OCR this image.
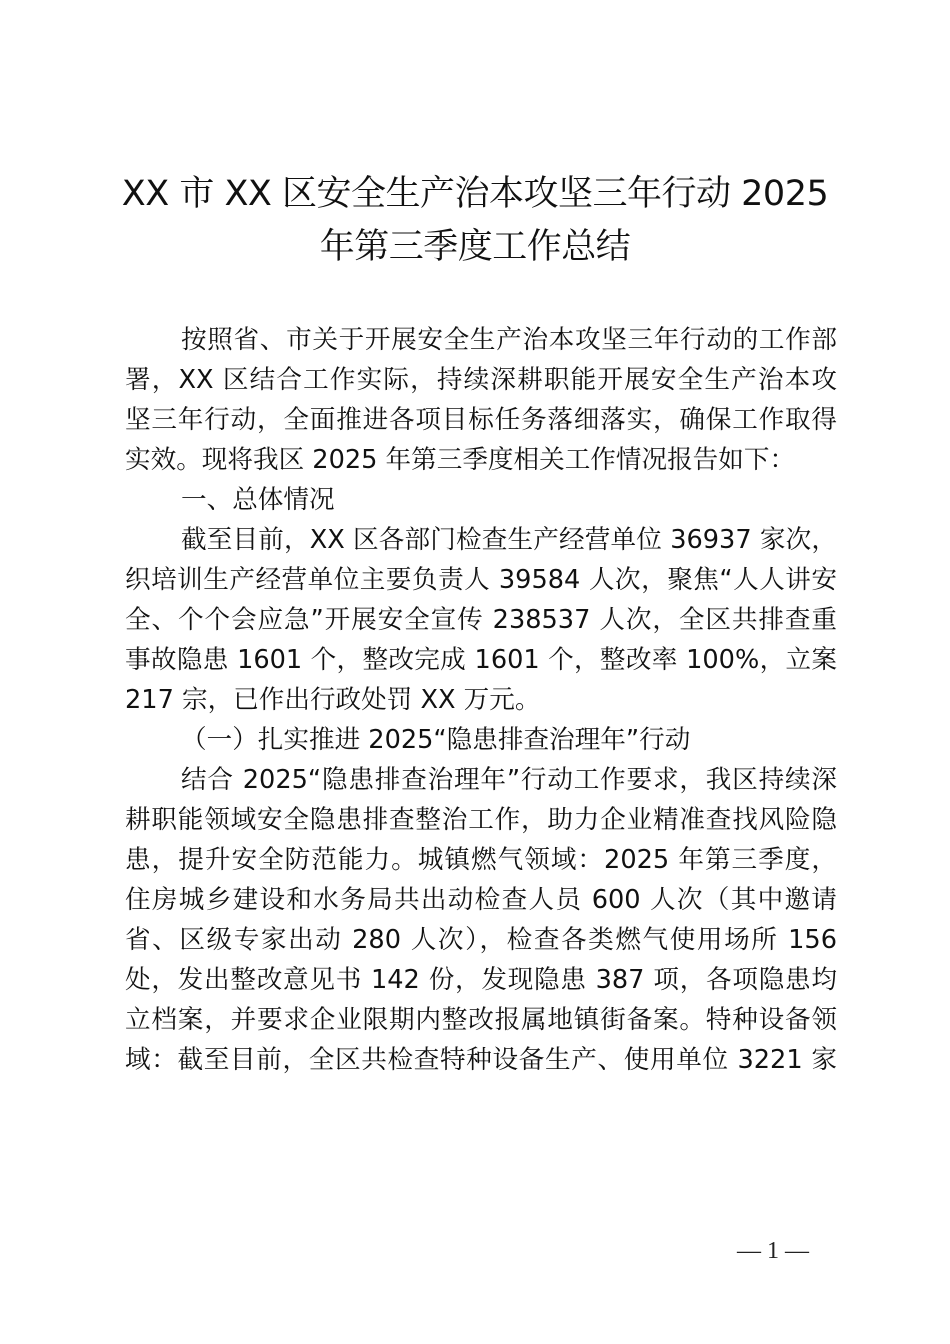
XX 市 XX 区安全生产治本攻坚三年行动 2025
年第三季度工作总结
按照省、市关于开展安全生产治本攻坚三年行动的工作部
署，XX 区结合工作实际，持续深耕职能开展安全生产治本攻
坚三年行动，全面推进各项目标任务落细落实，确保工作取得
实效。现将我区 2025 年第三季度相关工作情况报告如下：
一、总体情况
截至目前，XX 区各部门检查生产经营单位 36937 家次，
织培训生产经营单位主要负责人 39584 人次，聚焦“人人讲安
全、个个会应急”开展安全宣传 238537 人次，全区共排查重
事故隐患 1601 个，整改完成 1601 个，整改率 100%，立案
217 宗，已作出行政处罚 XX 万元。
（一）扎实推进 2025“隐患排查治理年”行动
结合 2025“隐患排查治理年”行动工作要求，我区持续深
耕职能领域安全隐患排查整治工作，助力企业精准查找风险隐
患，提升安全防范能力。城镇燃气领域：2025 年第三季度，
住房城乡建设和水务局共出动检查人员 600 人次（其中邀请
省、区级专家出动 280 人次），检查各类燃气使用场所 156
处，发出整改意见书 142 份，发现隐患 387 项，各项隐患均
立档案，并要求企业限期内整改报属地镇街备案。特种设备领
域：截至目前，全区共检查特种设备生产、使用单位 3221 家
— 1 —
